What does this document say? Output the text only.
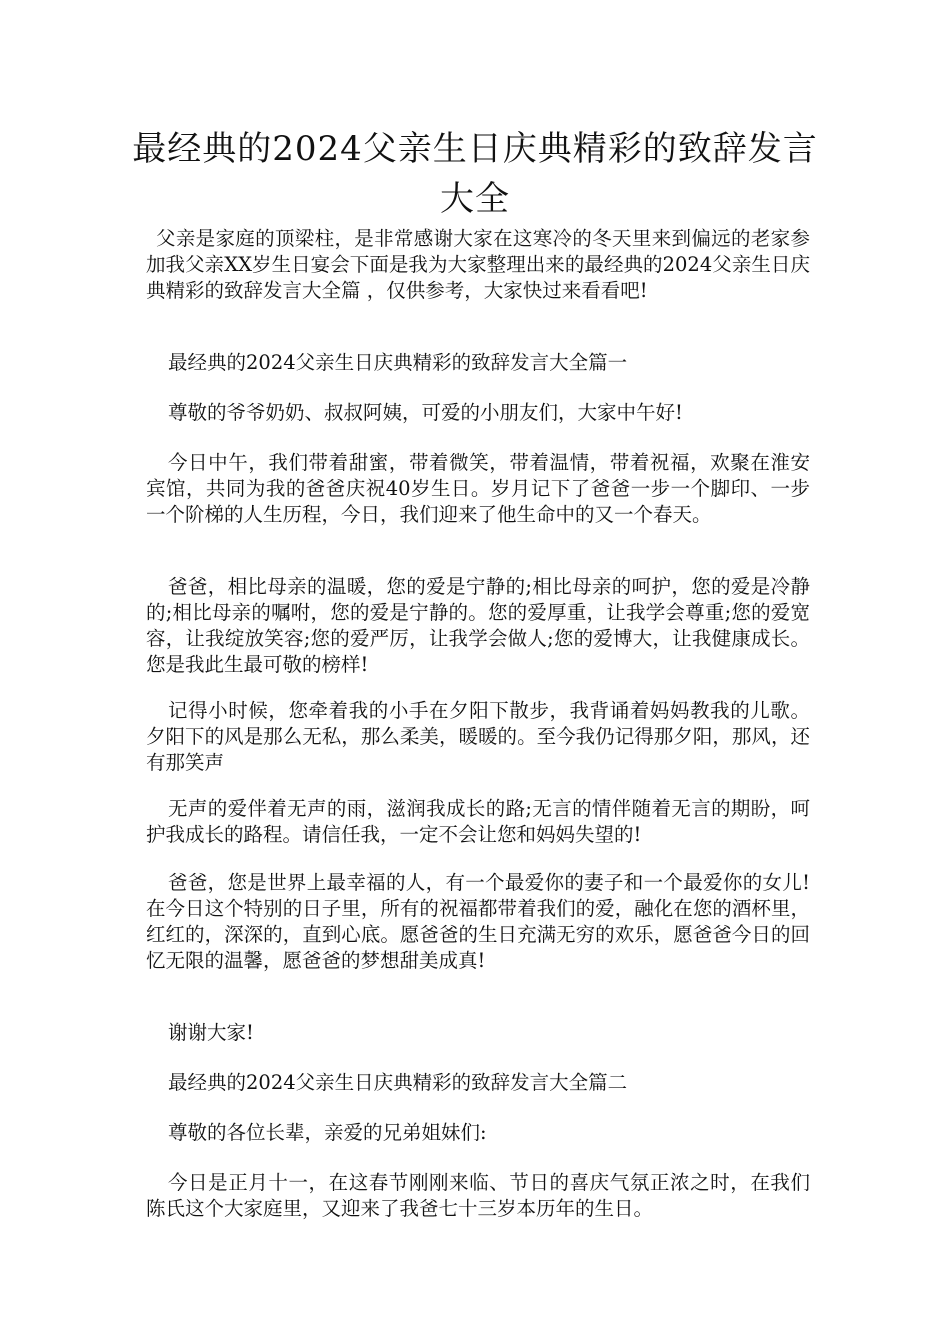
最经典的2024父亲生日庆典精彩的致辞发言大全

父亲是家庭的顶梁柱，是非常感谢大家在这寒冷的冬天里来到偏远的老家参加我父亲XX岁生日宴会下面是我为大家整理出来的最经典的2024父亲生日庆典精彩的致辞发言大全篇 ，仅供参考，大家快过来看看吧!

最经典的2024父亲生日庆典精彩的致辞发言大全篇一

尊敬的爷爷奶奶、叔叔阿姨，可爱的小朋友们，大家中午好!

今日中午，我们带着甜蜜，带着微笑，带着温情，带着祝福，欢聚在淮安宾馆，共同为我的爸爸庆祝40岁生日。岁月记下了爸爸一步一个脚印、一步一个阶梯的人生历程，今日，我们迎来了他生命中的又一个春天。

爸爸，相比母亲的温暖，您的爱是宁静的;相比母亲的呵护，您的爱是冷静的;相比母亲的嘱咐，您的爱是宁静的。您的爱厚重，让我学会尊重;您的爱宽容，让我绽放笑容;您的爱严厉，让我学会做人;您的爱博大，让我健康成长。您是我此生最可敬的榜样!

记得小时候，您牵着我的小手在夕阳下散步，我背诵着妈妈教我的儿歌。夕阳下的风是那么无私，那么柔美，暖暖的。至今我仍记得那夕阳，那风，还有那笑声

无声的爱伴着无声的雨，滋润我成长的路;无言的情伴随着无言的期盼，呵护我成长的路程。请信任我，一定不会让您和妈妈失望的!

爸爸，您是世界上最幸福的人，有一个最爱你的妻子和一个最爱你的女儿!在今日这个特别的日子里，所有的祝福都带着我们的爱，融化在您的酒杯里，红红的，深深的，直到心底。愿爸爸的生日充满无穷的欢乐，愿爸爸今日的回忆无限的温馨，愿爸爸的梦想甜美成真!

谢谢大家!

最经典的2024父亲生日庆典精彩的致辞发言大全篇二

尊敬的各位长辈，亲爱的兄弟姐妹们:

今日是正月十一，在这春节刚刚来临、节日的喜庆气氛正浓之时，在我们陈氏这个大家庭里，又迎来了我爸七十三岁本历年的生日。
